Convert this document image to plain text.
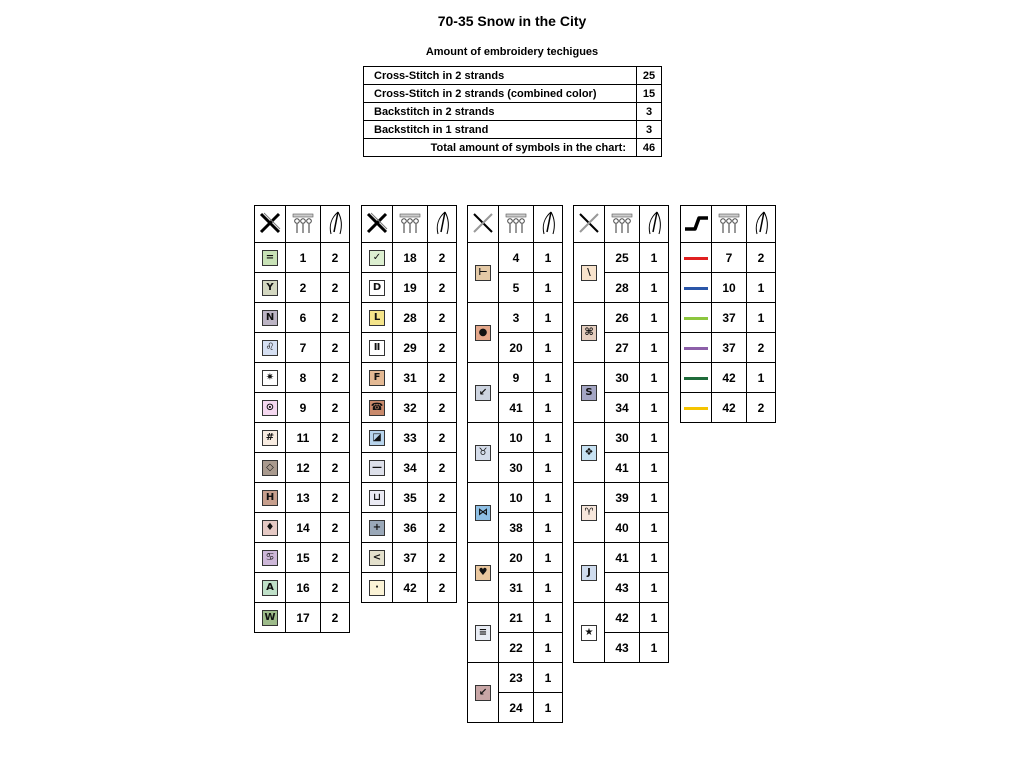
70-35 Snow in the City
Amount of embroidery techigues
Cross-Stitch in 2 strands	25
Cross-Stitch in 2 strands (combined color)	15
Backstitch in 2 strands	3
Backstitch in 1 strand	3
Total amount of symbols in the chart:	46

=	1	2
Y	2	2
N	6	2
♌	7	2
✷	8	2
⊙	9	2
#	11	2
◇	12	2
H	13	2
♦	14	2
♋	15	2
A	16	2
W	17	2

✓	18	2
D	19	2
L	28	2
Ⅱ	29	2
F	31	2
☎	32	2
◪	33	2
—	34	2
⊔	35	2
+	36	2
<	37	2
·	42	2

⊢	4	1
	5	1
●	3	1
	20	1
↙	9	1
	41	1
♉	10	1
	30	1
⋈	10	1
	38	1
♥	20	1
	31	1
≡	21	1
	22	1
↙	23	1
	24	1

\	25	1
	28	1
⌘	26	1
	27	1
S	30	1
	34	1
❖	30	1
	41	1
♈	39	1
	40	1
J	41	1
	43	1
★	42	1
	43	1

	7	2
	10	1
	37	1
	37	2
	42	1
	42	2
